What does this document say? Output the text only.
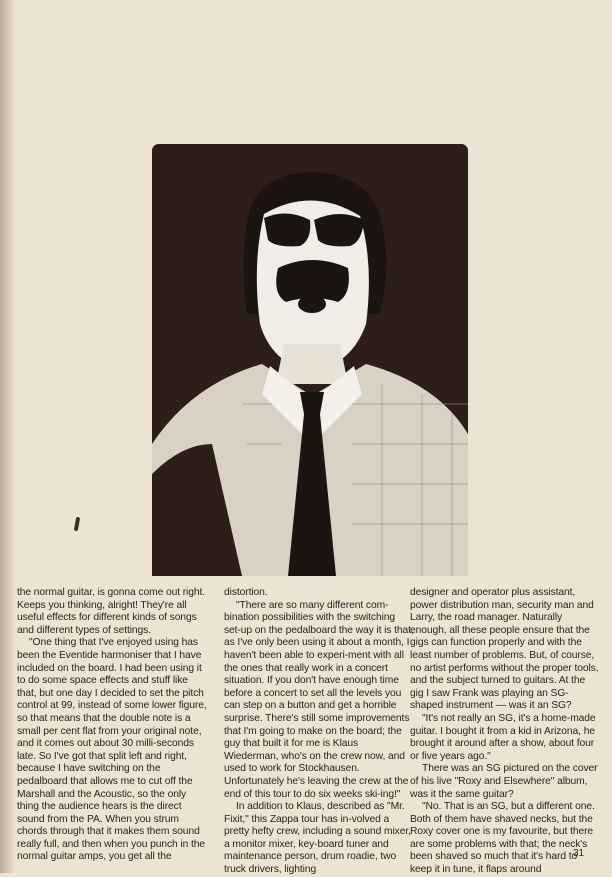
the normal guitar, is gonna come out right. Keeps you thinking, alright! They're all useful effects for different kinds of songs and different types of settings.

"One thing that I've enjoyed using has been the Eventide harmoniser that I have included on the board. I had been using it to do some space effects and stuff like that, but one day I decided to set the pitch control at 99, instead of some lower figure, so that means that the double note is a small per cent flat from your original note, and it comes out about 30 milli-seconds late. So I've got that split left and right, because I have switching on the pedalboard that allows me to cut off the Marshall and the Acoustic, so the only thing the audience hears is the direct sound from the PA. When you strum chords through that it makes them sound really full, and then when you punch in the normal guitar amps, you get all the

distortion.

"There are so many different com-bination possibilities with the switching set-up on the pedalboard the way it is that, as I've only been using it about a month, I haven't been able to experi-ment with all the ones that really work in a concert situation. If you don't have enough time before a concert to set all the levels you can step on a button and get a horrible surprise. There's still some improvements that I'm going to make on the board; the guy that built it for me is Klaus Wiederman, who's on the crew now, and used to work for Stockhausen. Unfortunately he's leaving the crew at the end of this tour to do six weeks ski-ing!"

In addition to Klaus, described as "Mr. Fixit," this Zappa tour has in-volved a pretty hefty crew, including a sound mixer, a monitor mixer, key-board tuner and maintenance person, drum roadie, two truck drivers, lighting

designer and operator plus assistant, power distribution man, security man and Larry, the road manager. Naturally enough, all these people ensure that the gigs can function properly and with the least number of problems. But, of course, no artist performs without the proper tools, and the subject turned to guitars. At the gig I saw Frank was playing an SG-shaped instrument — was it an SG?

"It's not really an SG, it's a home-made guitar. I bought it from a kid in Arizona, he brought it around after a show, about four or five years ago."

There was an SG pictured on the cover of his live "Roxy and Elsewhere" album, was it the same guitar?

"No. That is an SG, but a different one. Both of them have shaved necks, but the Roxy cover one is my favourite, but there are some problems with that; the neck's been shaved so much that it's hard to keep it in tune, it flaps around

31
